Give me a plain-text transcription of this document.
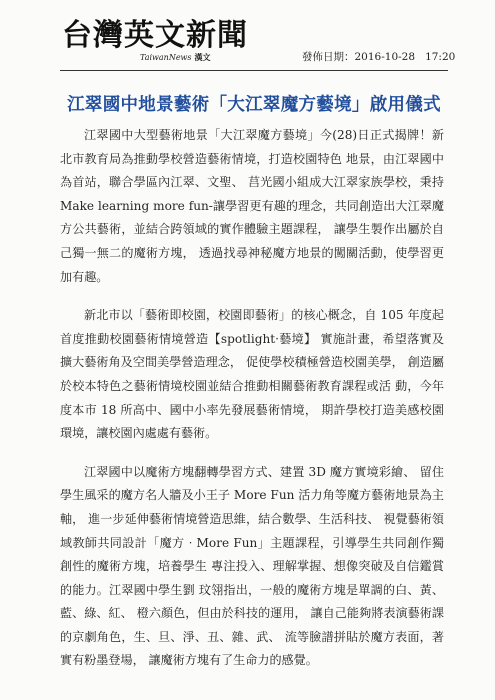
台灣英文新聞
TaiwanNews 漢文	發佈日期：2016-10-28 17:20
江翠國中地景藝術「大江翠魔方藝境」啟用儀式

江翠國中大型藝術地景「大江翠魔方藝境」今(28)日正式揭牌！新北市教育局為推動學校營造藝術情境，打造校園特色 地景，由江翠國中為首站，聯合學區內江翠、文聖、 莒光國小組成大江翠家族學校，秉持 Make learning more fun-讓學習更有趣的理念，共同創造出大江翠魔方公共藝術，並結合跨領域的實作體驗主題課程， 讓學生製作出屬於自己獨一無二的魔術方塊， 透過找尋神秘魔方地景的闖關活動，使學習更加有趣。

新北市以「藝術即校園，校園即藝術」的核心概念，自 105 年度起 首度推動校園藝術情境營造【spotlight‧藝境】 實施計畫，希望落實及擴大藝術角及空間美學營造理念， 促使學校積極營造校園美學， 創造屬於校本特色之藝術情境校園並結合推動相關藝術教育課程或活 動，今年度本市 18 所高中、國中小率先發展藝術情境， 期許學校打造美感校園環境，讓校園內處處有藝術。

江翠國中以魔術方塊翻轉學習方式、建置 3D 魔方實境彩繪、 留住學生風采的魔方名人牆及小王子 More Fun 活力角等魔方藝術地景為主軸， 進一步延伸藝術情境營造思維，結合數學、生活科技、 視覺藝術領域教師共同設計「魔方‧More Fun」主題課程，引導學生共同創作獨創性的魔術方塊，培養學生 專注投入、理解掌握、想像突破及自信鑑賞的能力。江翠國中學生劉 玟翎指出，一般的魔術方塊是單調的白、黃、藍、綠、紅、 橙六顏色，但由於科技的運用， 讓自己能夠將表演藝術課的京劇角色，生、旦、淨、丑、雜、武、 流等臉譜拼貼於魔方表面，著實有粉墨登場， 讓魔術方塊有了生命力的感覺。
